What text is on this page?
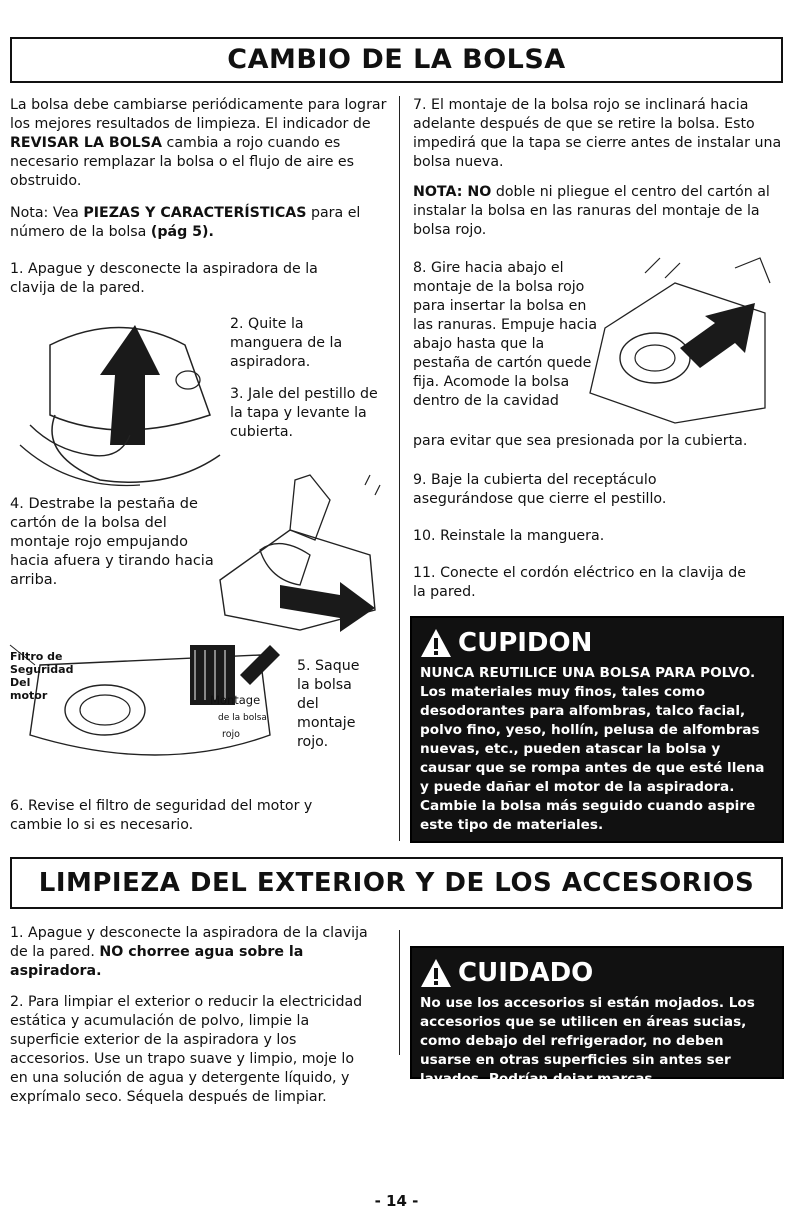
CAMBIO DE LA BOLSA
La bolsa debe cambiarse periódicamente para lograr los mejores resultados de limpieza. El indicador de REVISAR LA BOLSA cambia a rojo cuando es necesario remplazar la bolsa o el flujo de aire es obstruido.
Nota: Vea PIEZAS Y CARACTERÍSTICAS para el número de la bolsa (pág 5).
1. Apague y desconecte la aspiradora de la clavija de la pared.
2. Quite la manguera de la aspiradora.
3. Jale del pestillo de la tapa y levante la cubierta.
4. Destrabe la pestaña de cartón de la bolsa del montaje rojo empujando hacia afuera y tirando hacia arriba.
Filtro de Seguridad Del motor	Montage
de la bolsa
rojo
5. Saque la bolsa del montaje rojo.
6. Revise el filtro de seguridad del motor y cambie lo si es necesario.
7. El montaje de la bolsa rojo se inclinará hacia adelante después de que se retire la bolsa. Esto impedirá que la tapa se cierre antes de instalar una bolsa nueva.
NOTA: NO doble ni pliegue el centro del cartón al instalar la bolsa en las ranuras del montaje de la bolsa rojo.
8. Gire hacia abajo el montaje de la bolsa rojo para insertar la bolsa en las ranuras. Empuje hacia abajo hasta que la pestaña de cartón quede fija. Acomode la bolsa dentro de la cavidad
para evitar que sea presionada por la cubierta.
9. Baje la cubierta del receptáculo asegurándose que cierre el pestillo.
10. Reinstale la manguera.
11. Conecte el cordón eléctrico en la clavija de la pared.
CUPIDON
NUNCA REUTILICE UNA BOLSA PARA POLVO. Los materiales muy finos, tales como desodorantes para alfombras, talco facial, polvo fino, yeso, hollín, pelusa de alfombras nuevas, etc., pueden atascar la bolsa y causar que se rompa antes de que esté llena y puede dañar el motor de la aspiradora. Cambie la bolsa más seguido cuando aspire este tipo de materiales.
LIMPIEZA DEL EXTERIOR Y DE LOS ACCESORIOS
1. Apague y desconecte la aspiradora de la clavija de la pared. NO chorree agua sobre la aspiradora.
2. Para limpiar el exterior o reducir la electricidad estática y acumulación de polvo, limpie la superficie exterior de la aspiradora y los accesorios. Use un trapo suave y limpio, moje lo en una solución de agua y detergente líquido, y exprímalo seco. Séquela después de limpiar.
CUIDADO
No use los accesorios si están mojados. Los accesorios que se utilicen en áreas sucias, como debajo del refrigerador, no deben usarse en otras superficies sin antes ser lavados. Podrían dejar marcas.
- 14 -
